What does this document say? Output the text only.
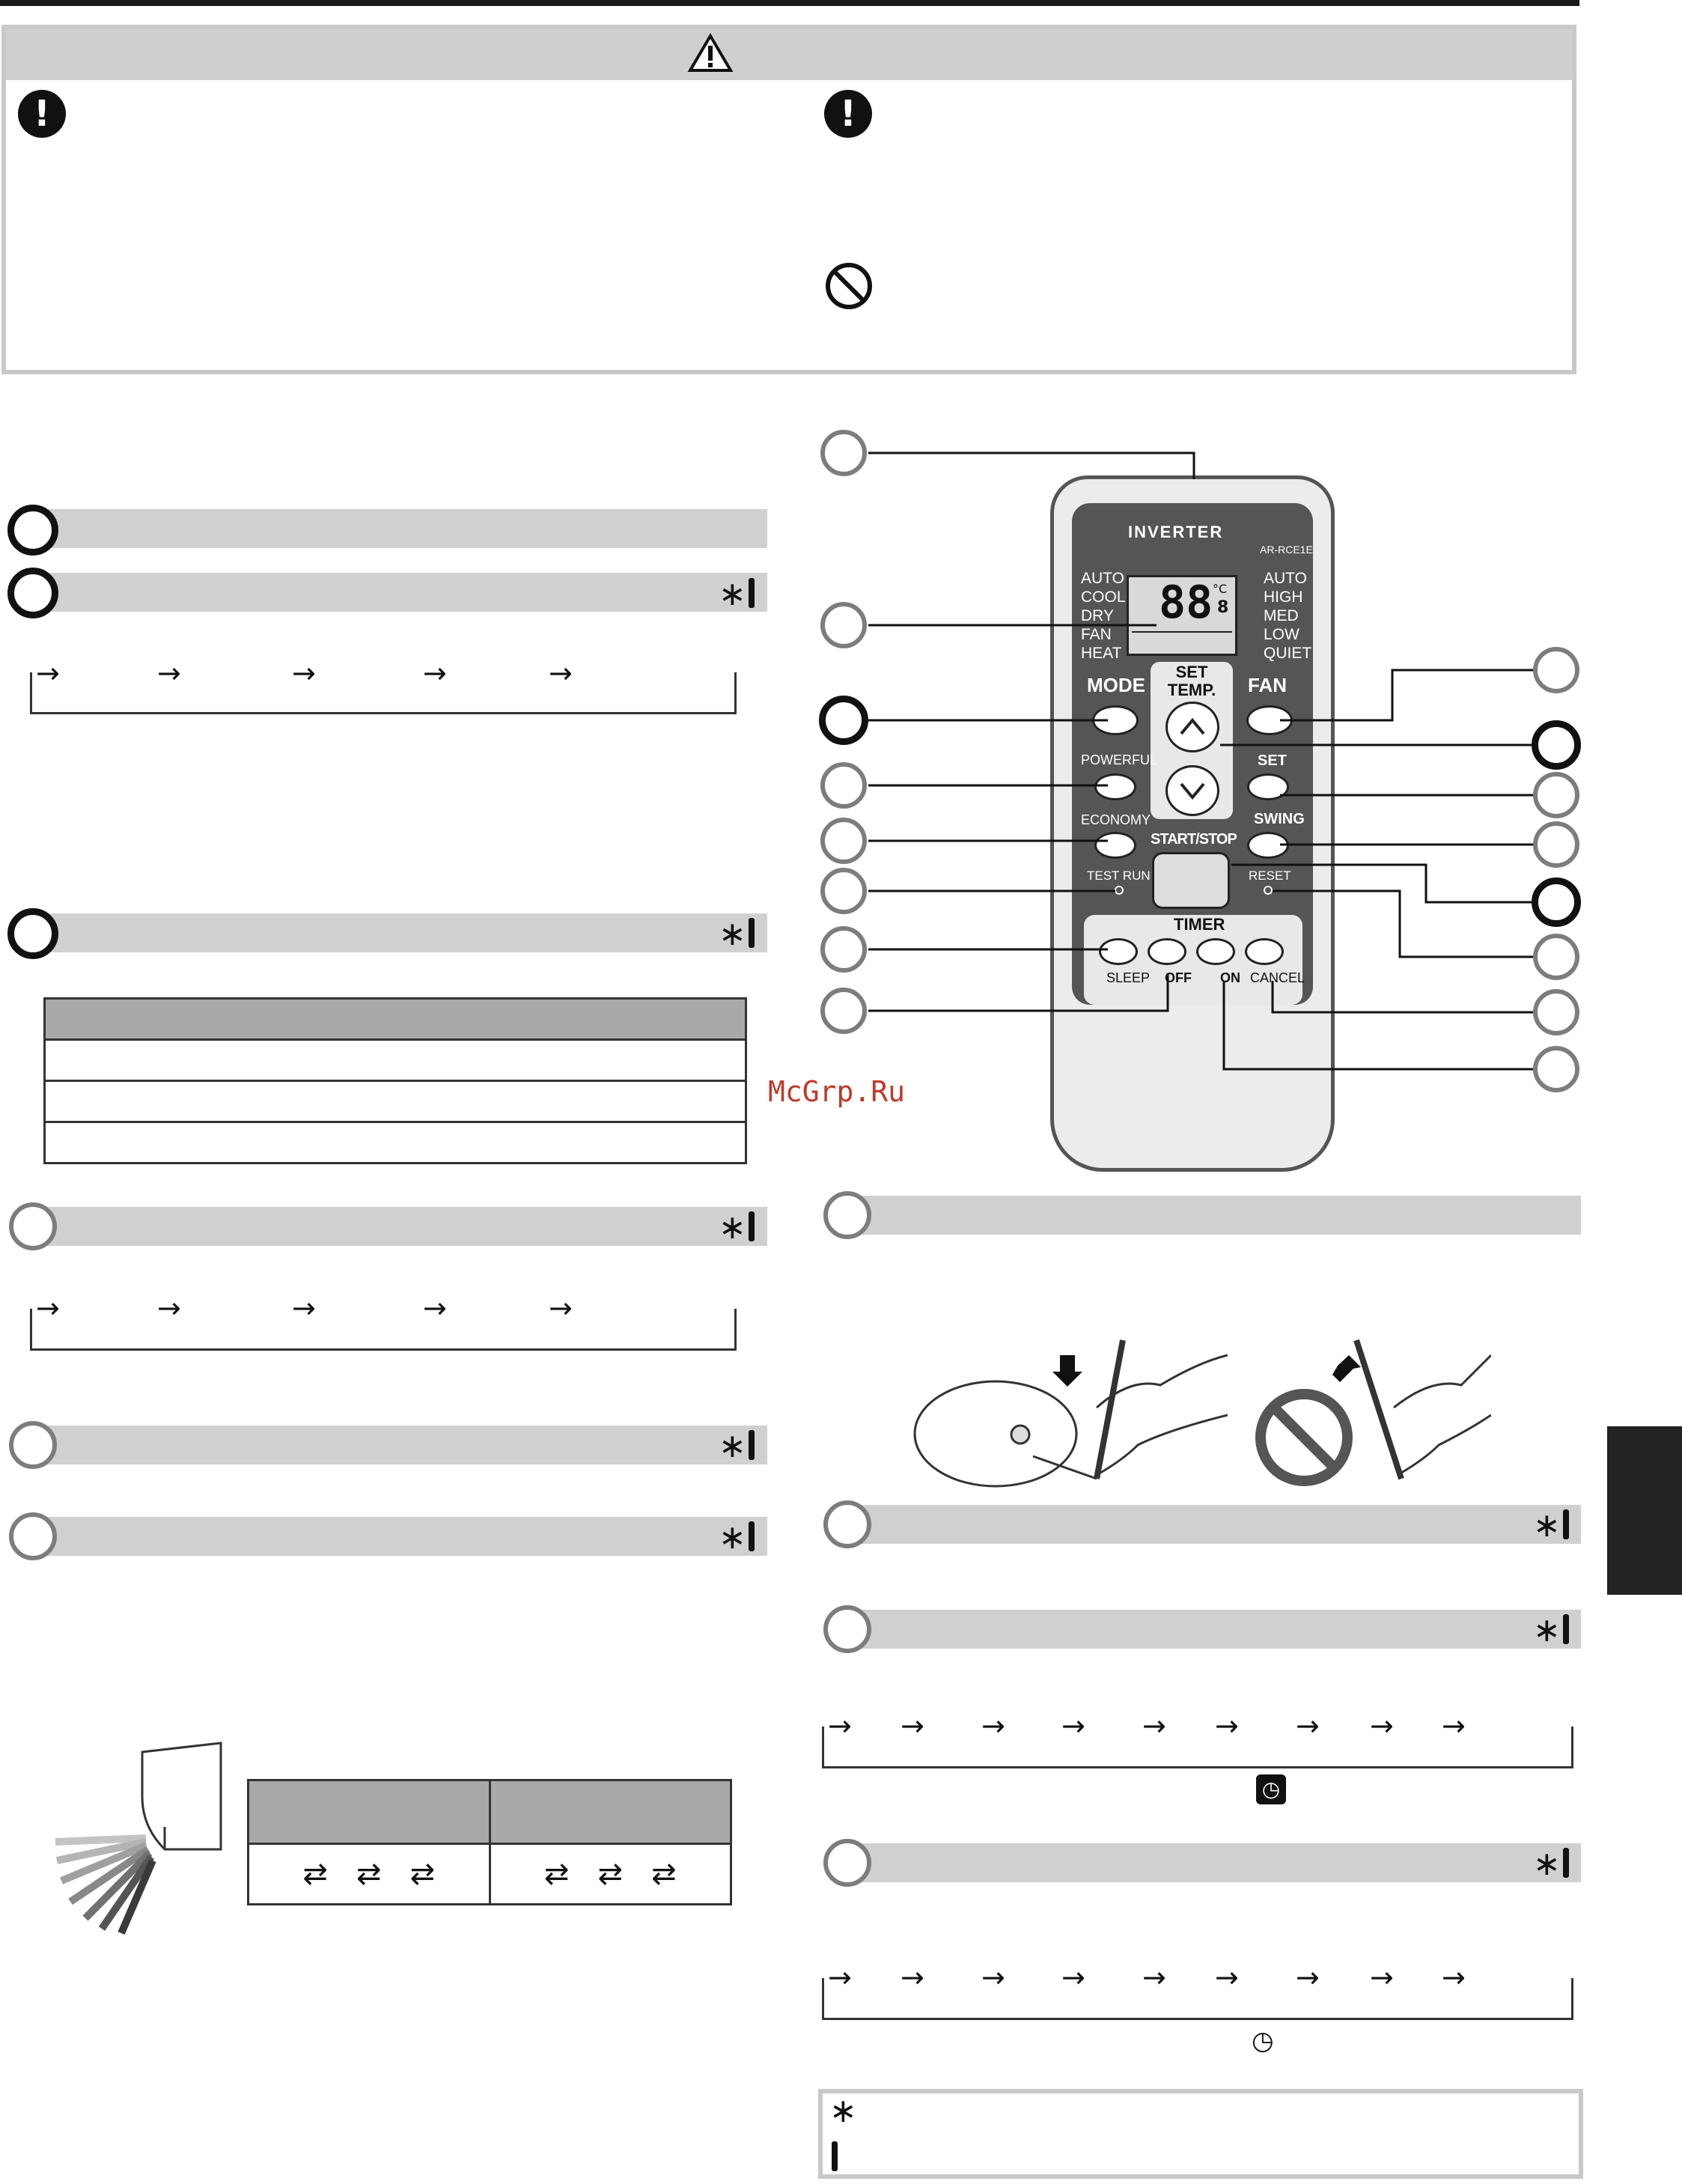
!	!
∗
→	→	→	→	→
∗

∗
→	→	→	→	→
∗
∗

⇄   ⇄   ⇄	⇄   ⇄   ⇄
INVERTER
AR-RCE1E
88 °C
8
AUTO
COOL
DRY
FAN
HEAT
AUTO
HIGH
MED
LOW
QUIET
SET
TEMP.
MODE	FAN
POWERFUL	SET
ECONOMY	SWING
START/STOP
TEST RUN	RESET
TIMER
SLEEP OFF ON CANCEL
McGrp.Ru
∗
∗
→ → → → → → → → →
◷
∗
→ → → → → → → → →
◷
∗
